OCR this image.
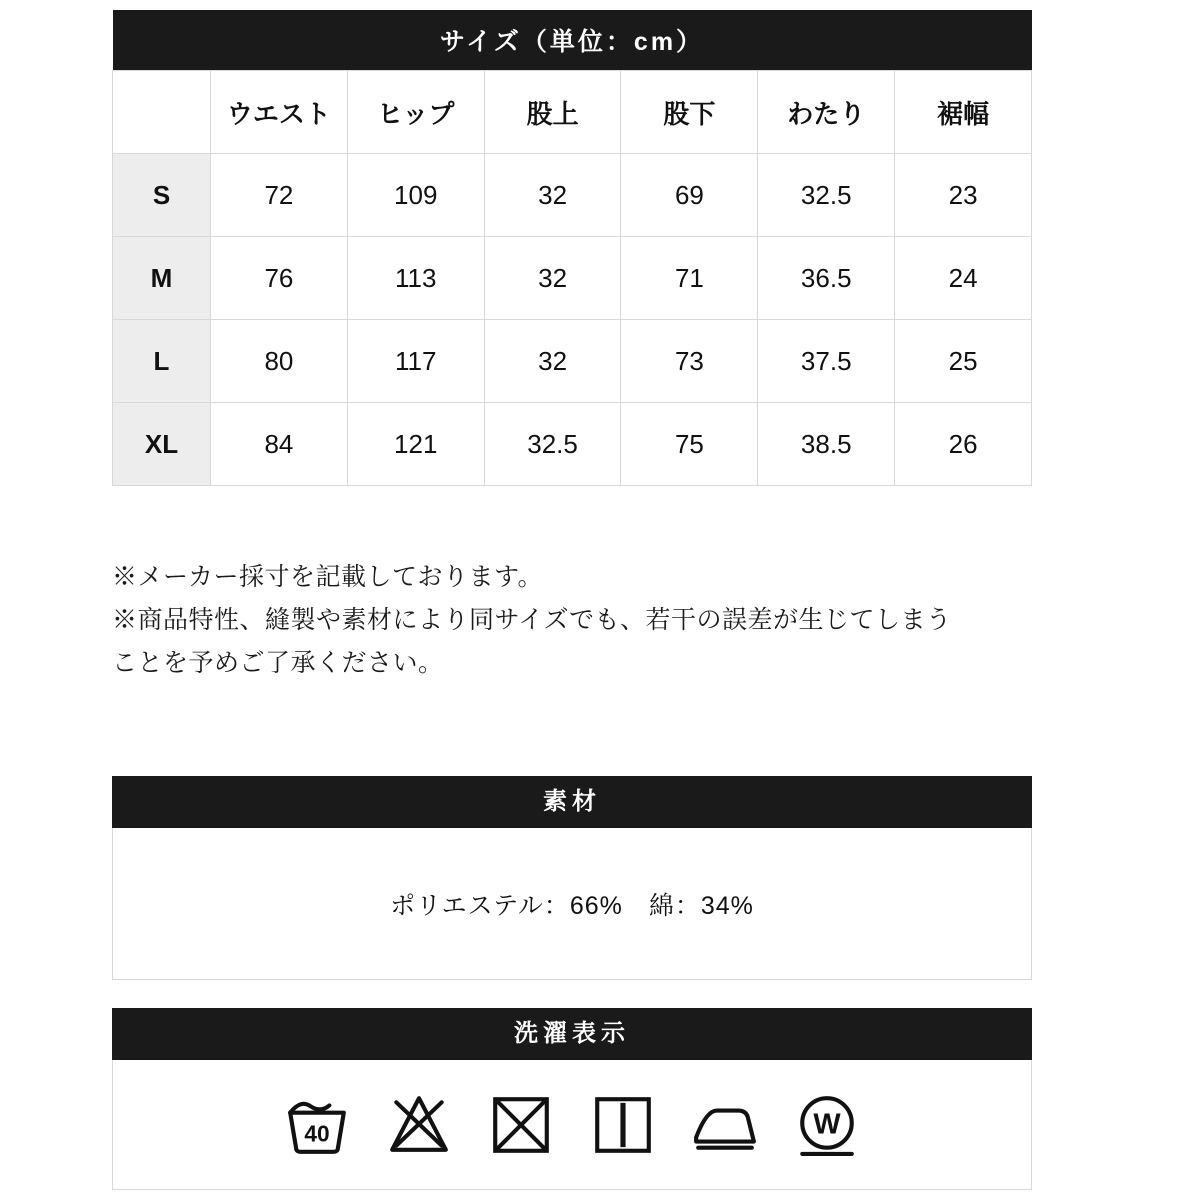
サイズ（単位：cm）						
	ウエスト	ヒップ	股上	股下	わたり	裾幅
S	72	109	32	69	32.5	23
M	76	113	32	71	36.5	24
L	80	117	32	73	37.5	25
XL	84	121	32.5	75	38.5	26

※メーカー採寸を記載しております。

※商品特性、縫製や素材により同サイズでも、若干の誤差が生じてしまう

ことを予めご了承ください。

素材
ポリエステル：66%　綿：34%
洗濯表示
40	W
